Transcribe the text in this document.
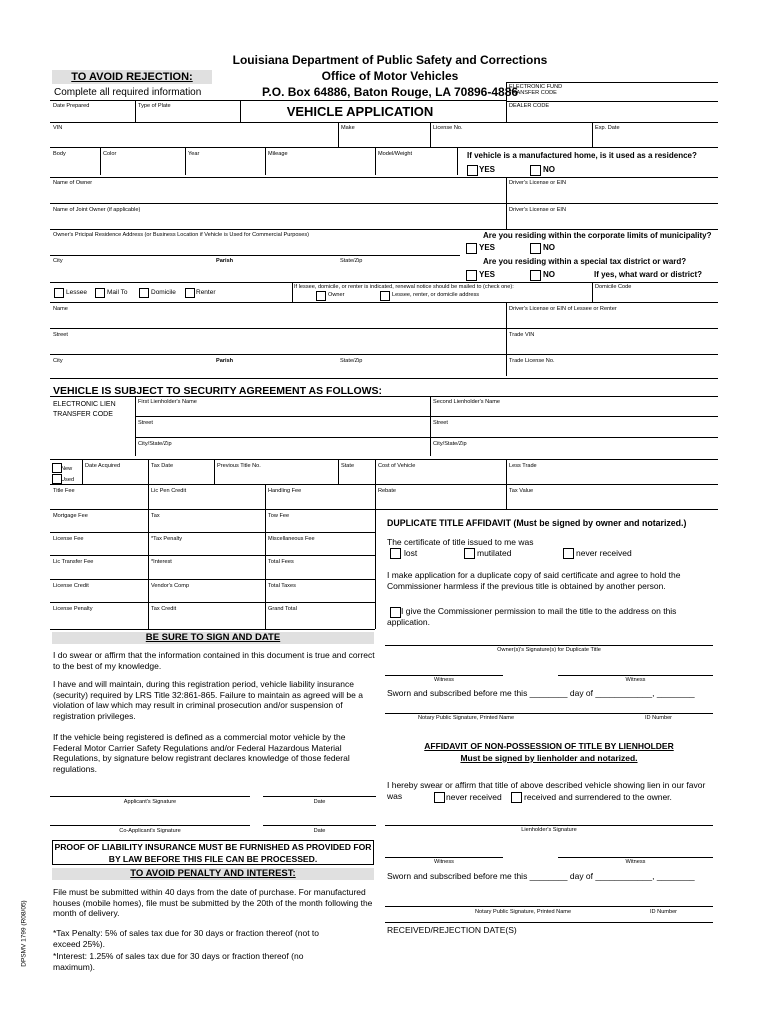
Louisiana Department of Public Safety and Corrections
Office of Motor Vehicles
P.O. Box 64886, Baton Rouge, LA 70896-4886
VEHICLE APPLICATION
TO AVOID REJECTION:
Complete all required information	ELECTRONIC FUND TRANSFER CODE
DEALER CODE
Date Prepared	Type of Plate
VIN	Make	License No.	Exp. Date
Body	Color	Year	Mileage	Model/Weight	If vehicle is a manufactured home, is it used as a residence?
YES	NO
Name of Owner	Driver's License or EIN
Name of Joint Owner (if applicable)	Driver's License or EIN
Owner's Pricipal Residence Address (or Business Location if Vehicle is Used for Commercial Purposes)	Are you residing within the corporate limits of municipality?
YES	NO
City	Parish	State/Zip	Are you residing within a special tax district or ward?
YES	NO	If yes, what ward or district?
Lessee	Mail To	Domicile	Renter
If lessee, domicile, or renter is indicated, renewal notice should be mailed to (check one):
Owner	Lessee, renter, or domicile address
Domicile Code
Name	Driver's License or EIN of Lessee or Renter
Street	Trade VIN
City	Parish	State/Zip	Trade License No.
VEHICLE IS SUBJECT TO SECURITY AGREEMENT AS FOLLOWS:
ELECTRONIC LIEN TRANSFER CODE
First Lienholder's Name	Second Lienholder's Name
Street	Street
City/State/Zip	City/State/Zip
New
Used
Date Acquired	Tax Date	Previous Title No.	State	Cost of Vehicle	Less Trade
Title Fee	Lic Pen Credit	Handling Fee	Rebate	Tax Value
Mortgage Fee	Tax	Tow Fee
License Fee	*Tax Penalty	Miscellaneous Fee
Lic Transfer Fee	*Interest	Total Fees
License Credit	Vendor's Comp	Total Taxes
License Penalty	Tax Credit	Grand Total
DUPLICATE TITLE AFFIDAVIT (Must be signed by owner and notarized.)
The certificate of title issued to me was
lost	mutilated	never received
I make application for a duplicate copy of said certificate and agree to hold the Commissioner harmless if the previous title is obtained by another person.
I give the Commissioner permission to mail the title to the address on this application.
Owner(s)'s Signature(s) for Duplicate Title
Witness	Witness
Sworn and subscribed before me this ________ day of ____________, ________
Notary Public Signature, Printed Name	ID Number
AFFIDAVIT OF NON-POSSESSION OF TITLE BY LIENHOLDER
Must be signed by lienholder and notarized.
I hereby swear or affirm that title of above described vehicle showing lien in our favor was	never received	received and surrendered to the owner.
Lienholder's Signature
Witness	Witness
Sworn and subscribed before me this ________ day of ____________, ________
Notary Public Signature, Printed Name	ID Number
RECEIVED/REJECTION DATE(S)
BE SURE TO SIGN AND DATE
I do swear or affirm that the information contained in this document is true and correct to the best of my knowledge.
I have and will maintain, during this registration period, vehicle liability insurance (security) required by LRS Title 32:861-865. Failure to maintain as agreed will be a violation of law which may result in criminal prosecution and/or suspension of registration privileges.
If the vehicle being registered is defined as a commercial motor vehicle by the Federal Motor Carrier Safety Regulations and/or Federal Hazardous Material Regulations, by signature below registrant declares knowledge of those federal regulations.
Applicant's Signature	Date
Co-Applicant's Signature	Date
PROOF OF LIABILITY INSURANCE MUST BE FURNISHED AS PROVIDED FOR BY LAW BEFORE THIS FILE CAN BE PROCESSED.
TO AVOID PENALTY AND INTEREST:
File must be submitted within 40 days from the date of purchase. For manufactured houses (mobile homes), file must be submitted by the 20th of the month following the month of delivery.
*Tax Penalty: 5% of sales tax due for 30 days or fraction thereof (not to exceed 25%).
*Interest: 1.25% of sales tax due for 30 days or fraction thereof (no maximum).
DPSMV 1799 (R08/05)
